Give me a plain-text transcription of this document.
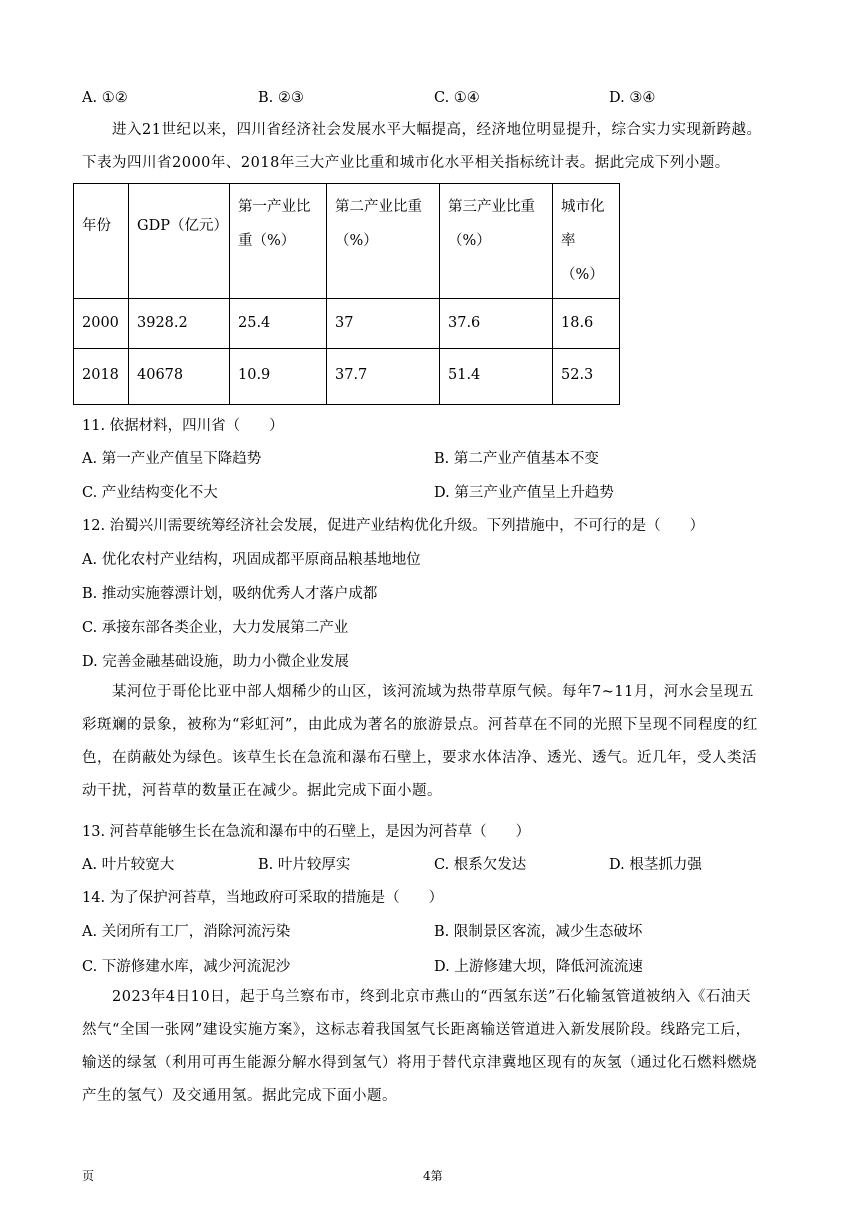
A. ①②	B. ②③	C. ①④	D. ③④
进入21世纪以来，四川省经济社会发展水平大幅提高，经济地位明显提升，综合实力实现新跨越。下表为四川省2000年、2018年三大产业比重和城市化水平相关指标统计表。据此完成下列小题。
年份	GDP（亿元）	第一产业比重（%）	第二产业比重（%）	第三产业比重（%）	城市化率（%）
2000	3928.2	25.4	37	37.6	18.6
2018	40678	10.9	37.7	51.4	52.3
11. 依据材料，四川省（　　）
A. 第一产业产值呈下降趋势	B. 第二产业产值基本不变
C. 产业结构变化不大	D. 第三产业产值呈上升趋势
12. 治蜀兴川需要统筹经济社会发展，促进产业结构优化升级。下列措施中，不可行的是（　　）
A. 优化农村产业结构，巩固成都平原商品粮基地地位
B. 推动实施蓉漂计划，吸纳优秀人才落户成都
C. 承接东部各类企业，大力发展第二产业
D. 完善金融基础设施，助力小微企业发展
某河位于哥伦比亚中部人烟稀少的山区，该河流域为热带草原气候。每年7~11月，河水会呈现五彩斑斓的景象，被称为“彩虹河”，由此成为著名的旅游景点。河苔草在不同的光照下呈现不同程度的红色，在荫蔽处为绿色。该草生长在急流和瀑布石壁上，要求水体洁净、透光、透气。近几年，受人类活动干扰，河苔草的数量正在减少。据此完成下面小题。
13. 河苔草能够生长在急流和瀑布中的石壁上，是因为河苔草（　　）
A. 叶片较宽大	B. 叶片较厚实	C. 根系欠发达	D. 根茎抓力强
14. 为了保护河苔草，当地政府可采取的措施是（　　）
A. 关闭所有工厂，消除河流污染	B. 限制景区客流，减少生态破坏
C. 下游修建水库，减少河流泥沙	D. 上游修建大坝，降低河流流速
2023年4日10日，起于乌兰察布市，终到北京市燕山的“西氢东送”石化输氢管道被纳入《石油天然气“全国一张网”建设实施方案》，这标志着我国氢气长距离输送管道进入新发展阶段。线路完工后，输送的绿氢（利用可再生能源分解水得到氢气）将用于替代京津冀地区现有的灰氢（通过化石燃料燃烧产生的氢气）及交通用氢。据此完成下面小题。
页	4第
